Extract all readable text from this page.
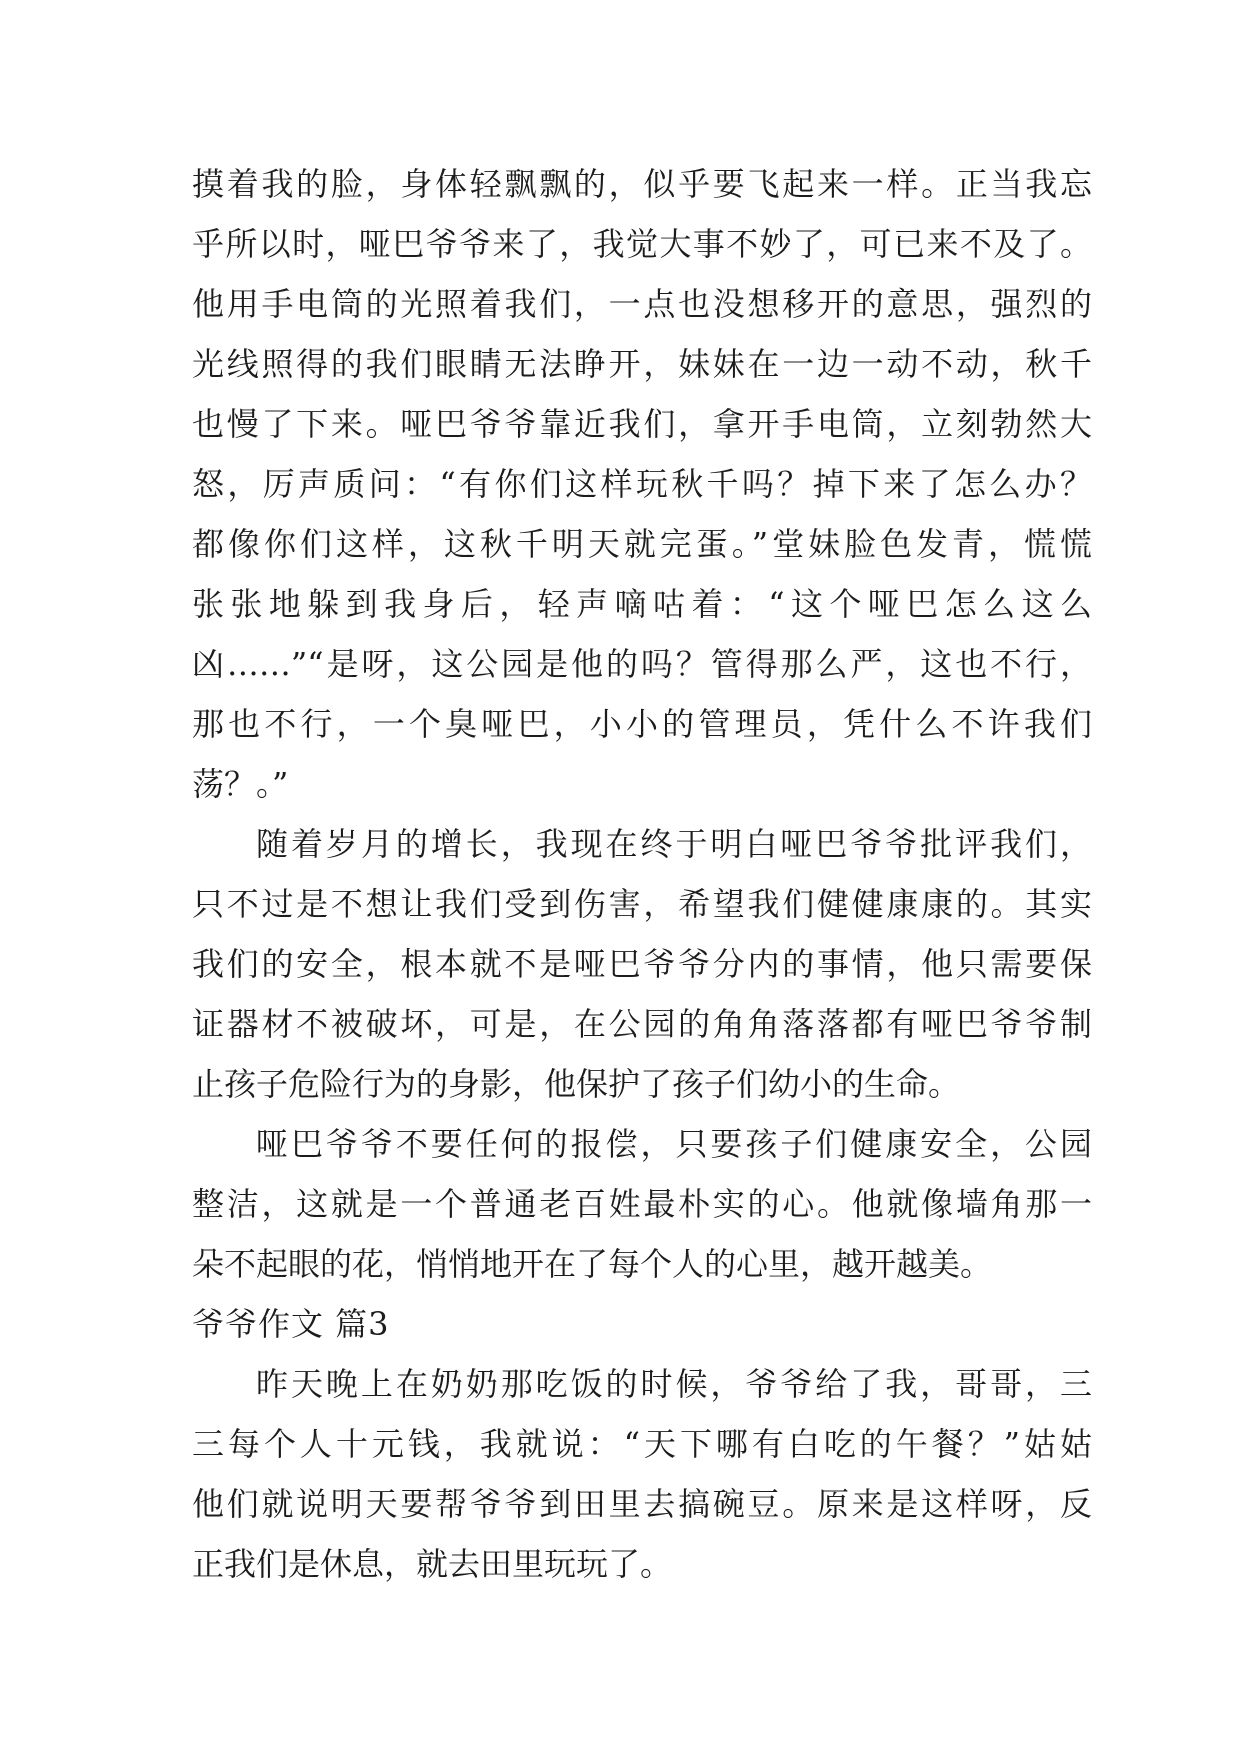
摸着我的脸，身体轻飘飘的，似乎要飞起来一样。正当我忘
乎所以时，哑巴爷爷来了，我觉大事不妙了，可已来不及了。
他用手电筒的光照着我们，一点也没想移开的意思，强烈的
光线照得的我们眼睛无法睁开，妹妹在一边一动不动，秋千
也慢了下来。哑巴爷爷靠近我们，拿开手电筒，立刻勃然大
怒，厉声质问：“有你们这样玩秋千吗？掉下来了怎么办？
都像你们这样，这秋千明天就完蛋。”堂妹脸色发青，慌慌
张张地躲到我身后，轻声嘀咕着：“这个哑巴怎么这么
凶……”“是呀，这公园是他的吗？管得那么严，这也不行，
那也不行，一个臭哑巴，小小的管理员，凭什么不许我们
荡？。”
随着岁月的增长，我现在终于明白哑巴爷爷批评我们，
只不过是不想让我们受到伤害，希望我们健健康康的。其实
我们的安全，根本就不是哑巴爷爷分内的事情，他只需要保
证器材不被破坏，可是，在公园的角角落落都有哑巴爷爷制
止孩子危险行为的身影，他保护了孩子们幼小的生命。
哑巴爷爷不要任何的报偿，只要孩子们健康安全，公园
整洁，这就是一个普通老百姓最朴实的心。他就像墙角那一
朵不起眼的花，悄悄地开在了每个人的心里，越开越美。
爷爷作文 篇3
昨天晚上在奶奶那吃饭的时候，爷爷给了我，哥哥，三
三每个人十元钱，我就说：“天下哪有白吃的午餐？”姑姑
他们就说明天要帮爷爷到田里去搞碗豆。原来是这样呀，反
正我们是休息，就去田里玩玩了。
